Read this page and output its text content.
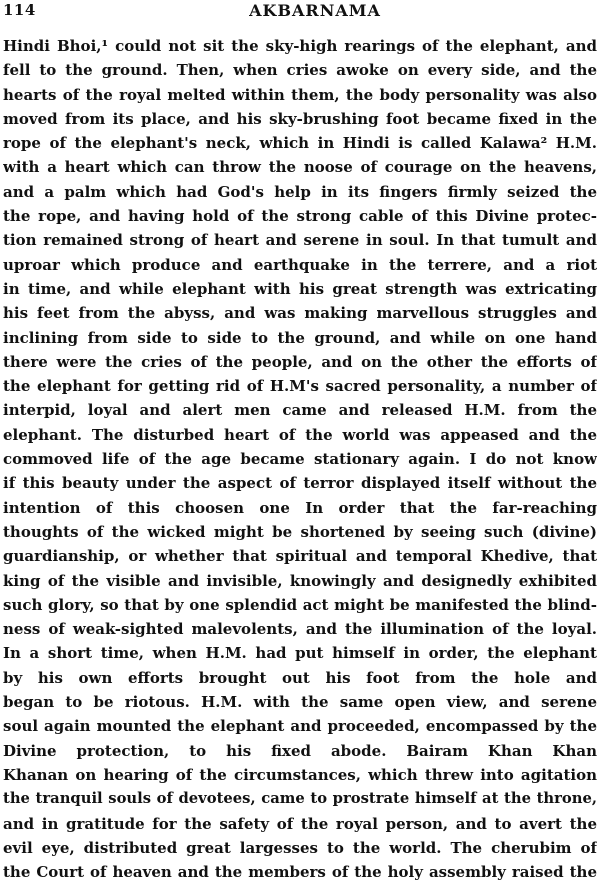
114	AKBARNAMA
Hindi Bhoi,¹ could not sit the sky-high rearings of the elephant, and
fell to the ground. Then, when cries awoke on every side, and the
hearts of the royal melted within them, the body personality was also
moved from its place, and his sky-brushing foot became fixed in the
rope of the elephant's neck, which in Hindi is called Kalawa² H.M.
with a heart which can throw the noose of courage on the heavens,
and a palm which had God's help in its fingers firmly seized the
the rope, and having hold of the strong cable of this Divine protec-
tion remained strong of heart and serene in soul. In that tumult and
uproar which produce and earthquake in the terrere, and a riot
in time, and while elephant with his great strength was extricating
his feet from the abyss, and was making marvellous struggles and
inclining from side to side to the ground, and while on one hand
there were the cries of the people, and on the other the efforts of
the elephant for getting rid of H.M's sacred personality, a number of
interpid, loyal and alert men came and released H.M. from the
elephant. The disturbed heart of the world was appeased and the
commoved life of the age became stationary again. I do not know
if this beauty under the aspect of terror displayed itself without the
intention of this choosen one In order that the far-reaching
thoughts of the wicked might be shortened by seeing such (divine)
guardianship, or whether that spiritual and temporal Khedive, that
king of the visible and invisible, knowingly and designedly exhibited
such glory, so that by one splendid act might be manifested the blind-
ness of weak-sighted malevolents, and the illumination of the loyal.
In a short time, when H.M. had put himself in order, the elephant
by his own efforts brought out his foot from the hole and
began to be riotous. H.M. with the same open view, and serene
soul again mounted the elephant and proceeded, encompassed by the
Divine protection, to his fixed abode. Bairam Khan Khan
Khanan on hearing of the circumstances, which threw into agitation
the tranquil souls of devotees, came to prostrate himself at the throne,
and in gratitude for the safety of the royal person, and to avert the
evil eye, distributed great largesses to the world. The cherubim of
the Court of heaven and the members of the holy assembly raised the
